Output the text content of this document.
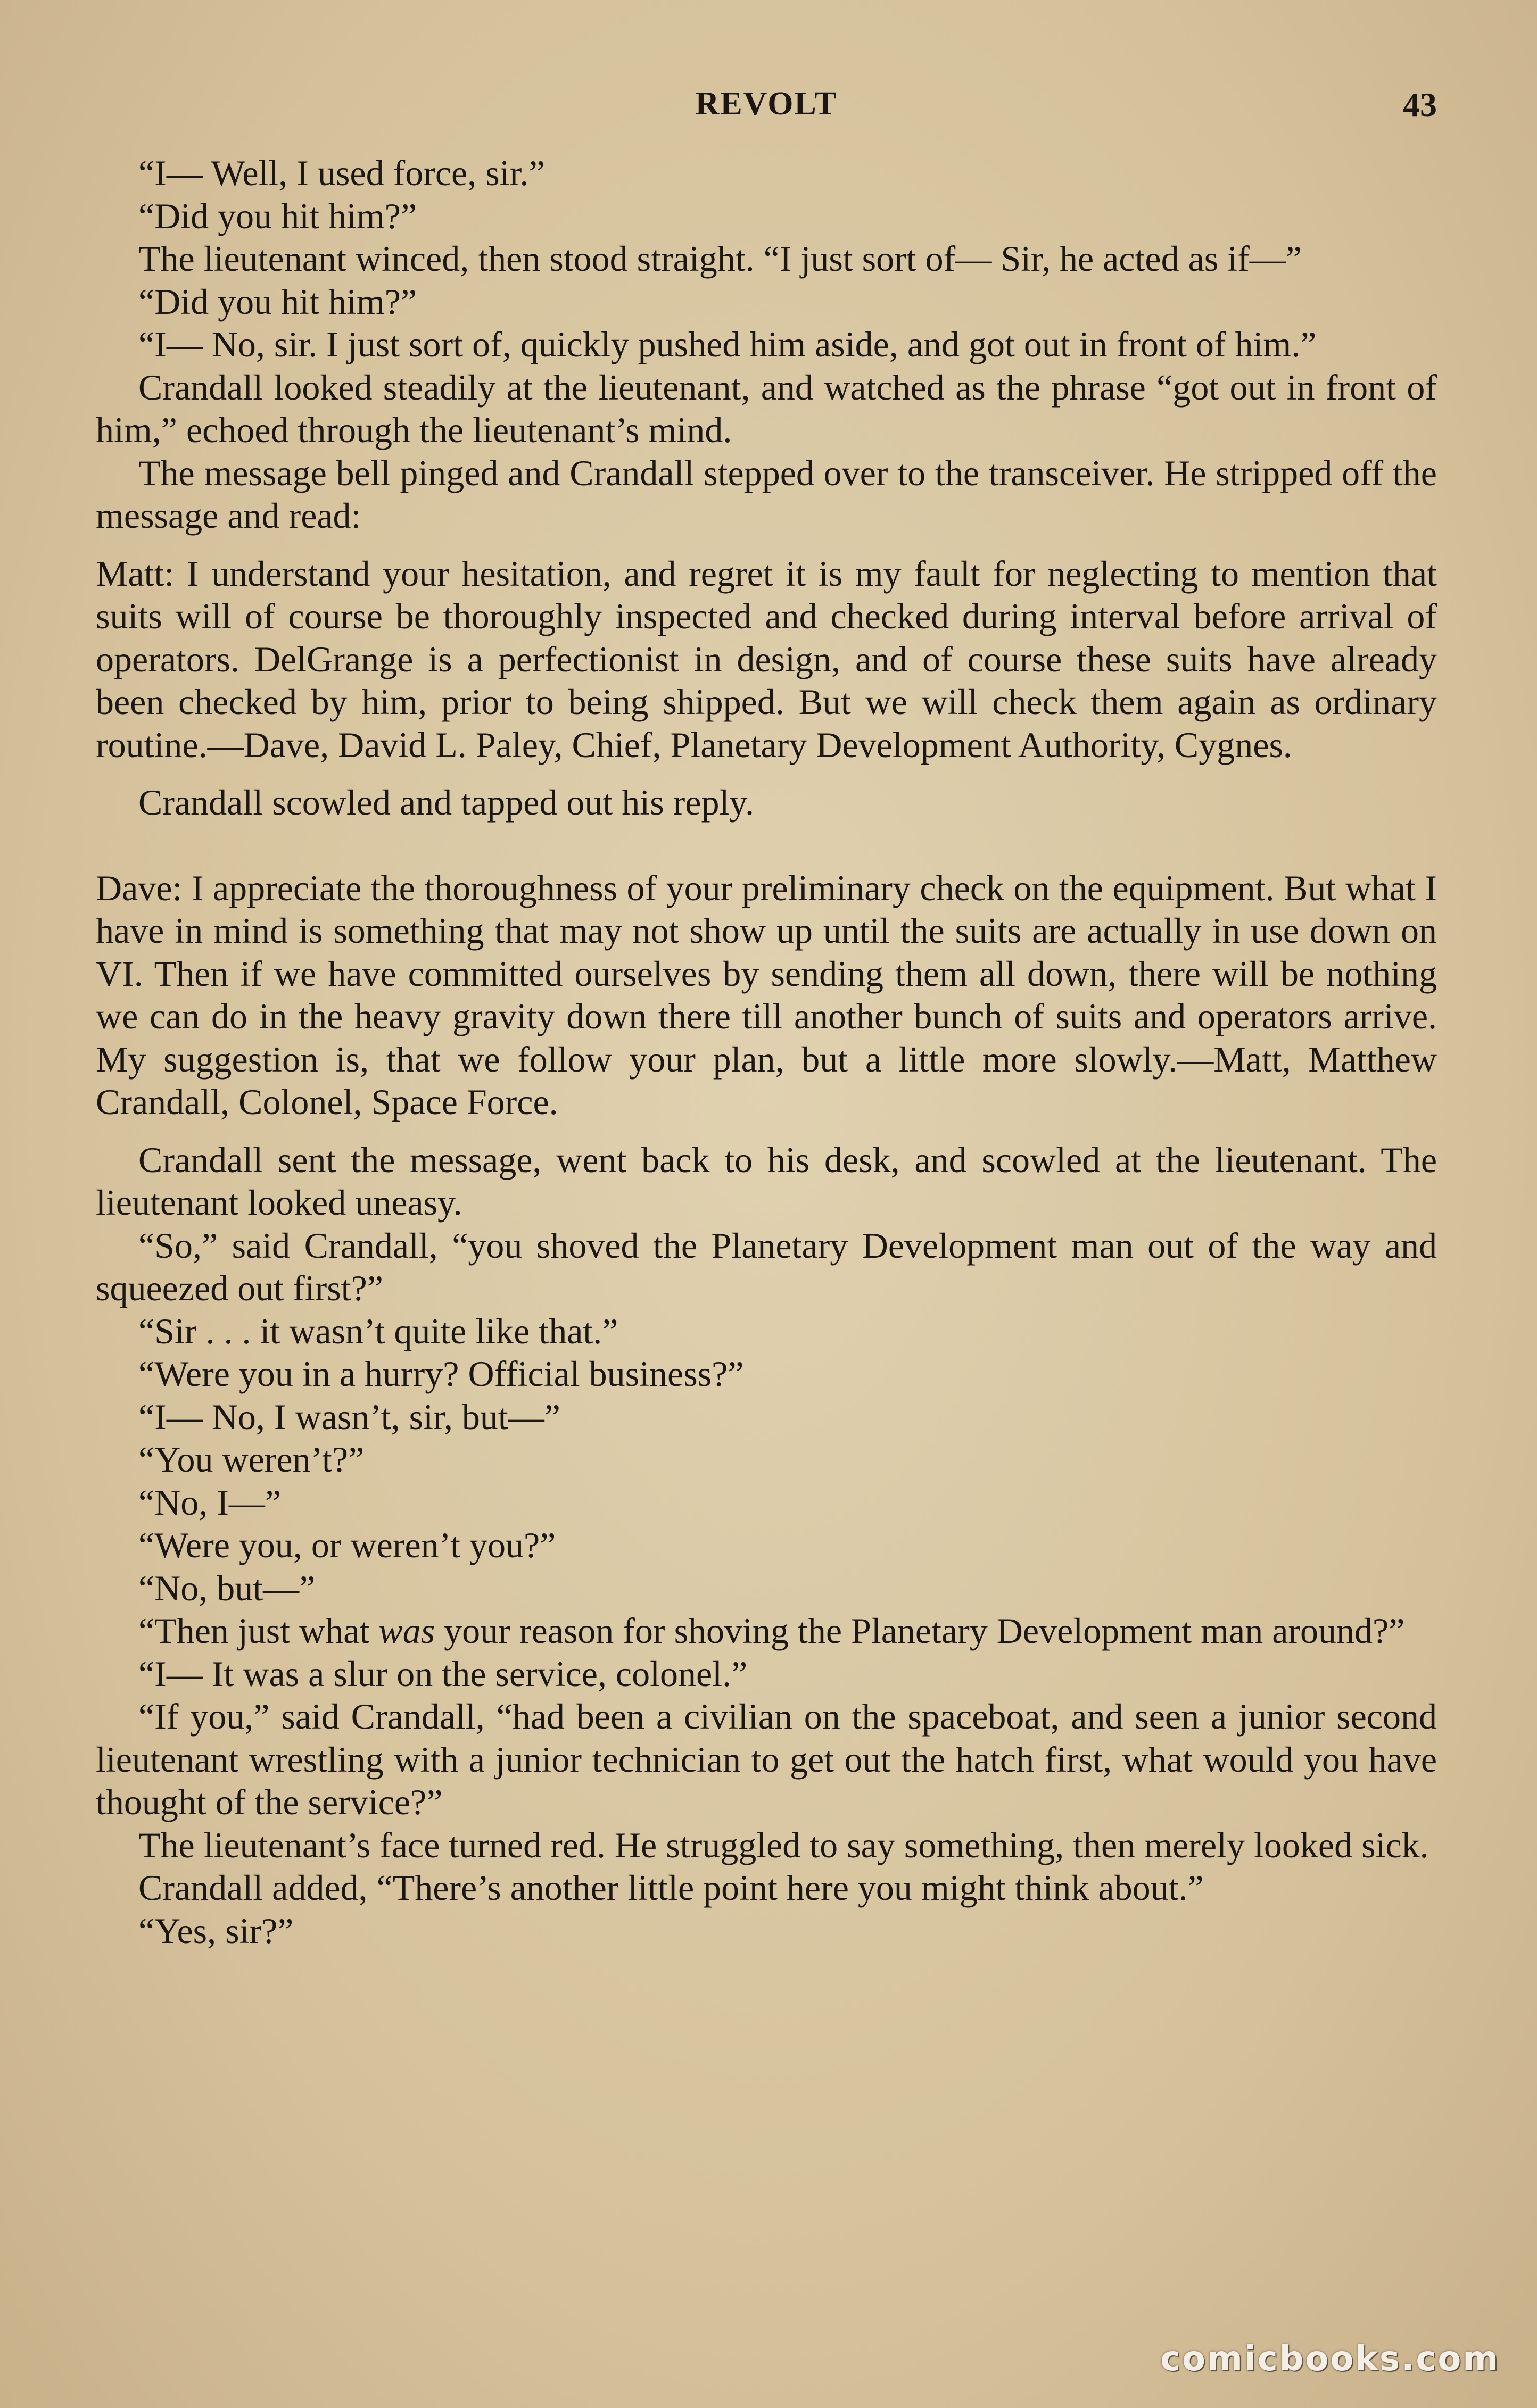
REVOLT	43

“I— Well, I used force, sir.”

“Did you hit him?”

The lieutenant winced, then stood straight. “I just sort of— Sir, he acted as if—”

“Did you hit him?”

“I— No, sir. I just sort of, quickly pushed him aside, and got out in front of him.”

Crandall looked steadily at the lieutenant, and watched as the phrase “got out in front of him,” echoed through the lieutenant’s mind.

The message bell pinged and Crandall stepped over to the transceiver. He stripped off the message and read:

Matt: I understand your hesitation, and regret it is my fault for neglecting to mention that suits will of course be thoroughly inspected and checked during interval before arrival of operators. DelGrange is a perfectionist in design, and of course these suits have already been checked by him, prior to being shipped. But we will check them again as ordinary routine.—Dave, David L. Paley, Chief, Planetary Development Authority, Cygnes.

Crandall scowled and tapped out his reply.

Dave: I appreciate the thoroughness of your preliminary check on the equipment. But what I have in mind is something that may not show up until the suits are actually in use down on VI. Then if we have committed ourselves by sending them all down, there will be nothing we can do in the heavy gravity down there till another bunch of suits and operators arrive. My suggestion is, that we follow your plan, but a little more slowly.—Matt, Matthew Crandall, Colonel, Space Force.

Crandall sent the message, went back to his desk, and scowled at the lieutenant. The lieutenant looked uneasy.

“So,” said Crandall, “you shoved the Planetary Development man out of the way and squeezed out first?”

“Sir . . . it wasn’t quite like that.”

“Were you in a hurry? Official business?”

“I— No, I wasn’t, sir, but—”

“You weren’t?”

“No, I—”

“Were you, or weren’t you?”

“No, but—”

“Then just what was your reason for shoving the Planetary Development man around?”

“I— It was a slur on the service, colonel.”

“If you,” said Crandall, “had been a civilian on the spaceboat, and seen a junior second lieutenant wrestling with a junior technician to get out the hatch first, what would you have thought of the service?”

The lieutenant’s face turned red. He struggled to say something, then merely looked sick.

Crandall added, “There’s another little point here you might think about.”

“Yes, sir?”

comicbooks.com
